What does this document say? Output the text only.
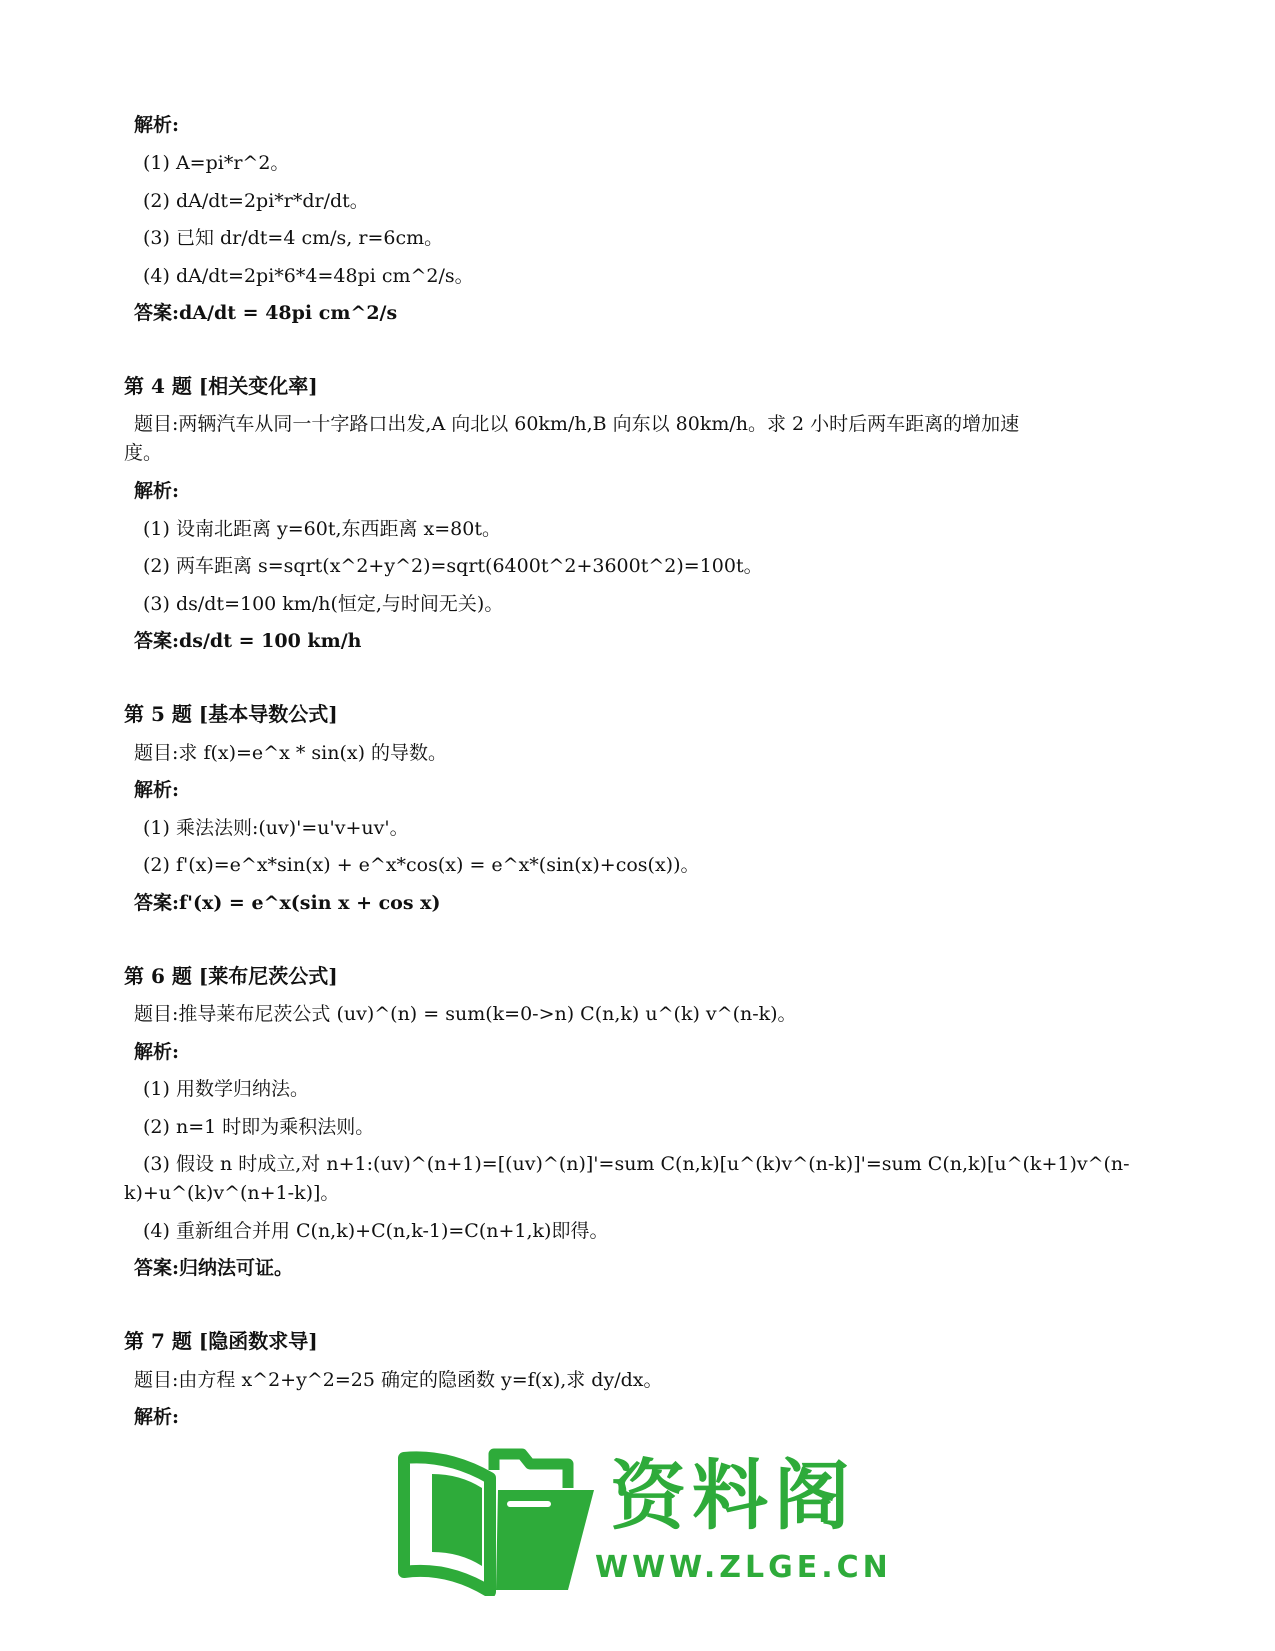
解析:
(1) A=pi*r^2。
(2) dA/dt=2pi*r*dr/dt。
(3) 已知 dr/dt=4 cm/s, r=6cm。
(4) dA/dt=2pi*6*4=48pi cm^2/s。
答案:dA/dt = 48pi cm^2/s
第 4 题 [相关变化率]
题目:两辆汽车从同一十字路口出发,A 向北以 60km/h,B 向东以 80km/h。求 2 小时后两车距离的增加速
度。
解析:
(1) 设南北距离 y=60t,东西距离 x=80t。
(2) 两车距离 s=sqrt(x^2+y^2)=sqrt(6400t^2+3600t^2)=100t。
(3) ds/dt=100 km/h(恒定,与时间无关)。
答案:ds/dt = 100 km/h
第 5 题 [基本导数公式]
题目:求 f(x)=e^x * sin(x) 的导数。
解析:
(1) 乘法法则:(uv)'=u'v+uv'。
(2) f'(x)=e^x*sin(x) + e^x*cos(x) = e^x*(sin(x)+cos(x))。
答案:f'(x) = e^x(sin x + cos x)
第 6 题 [莱布尼茨公式]
题目:推导莱布尼茨公式 (uv)^(n) = sum(k=0->n) C(n,k) u^(k) v^(n-k)。
解析:
(1) 用数学归纳法。
(2) n=1 时即为乘积法则。
(3) 假设 n 时成立,对 n+1:(uv)^(n+1)=[(uv)^(n)]'=sum C(n,k)[u^(k)v^(n-k)]'=sum C(n,k)[u^(k+1)v^(n-
k)+u^(k)v^(n+1-k)]。
(4) 重新组合并用 C(n,k)+C(n,k-1)=C(n+1,k)即得。
答案:归纳法可证。
第 7 题 [隐函数求导]
题目:由方程 x^2+y^2=25 确定的隐函数 y=f(x),求 dy/dx。
解析:
资料阁
WWW.ZLGE.CN
